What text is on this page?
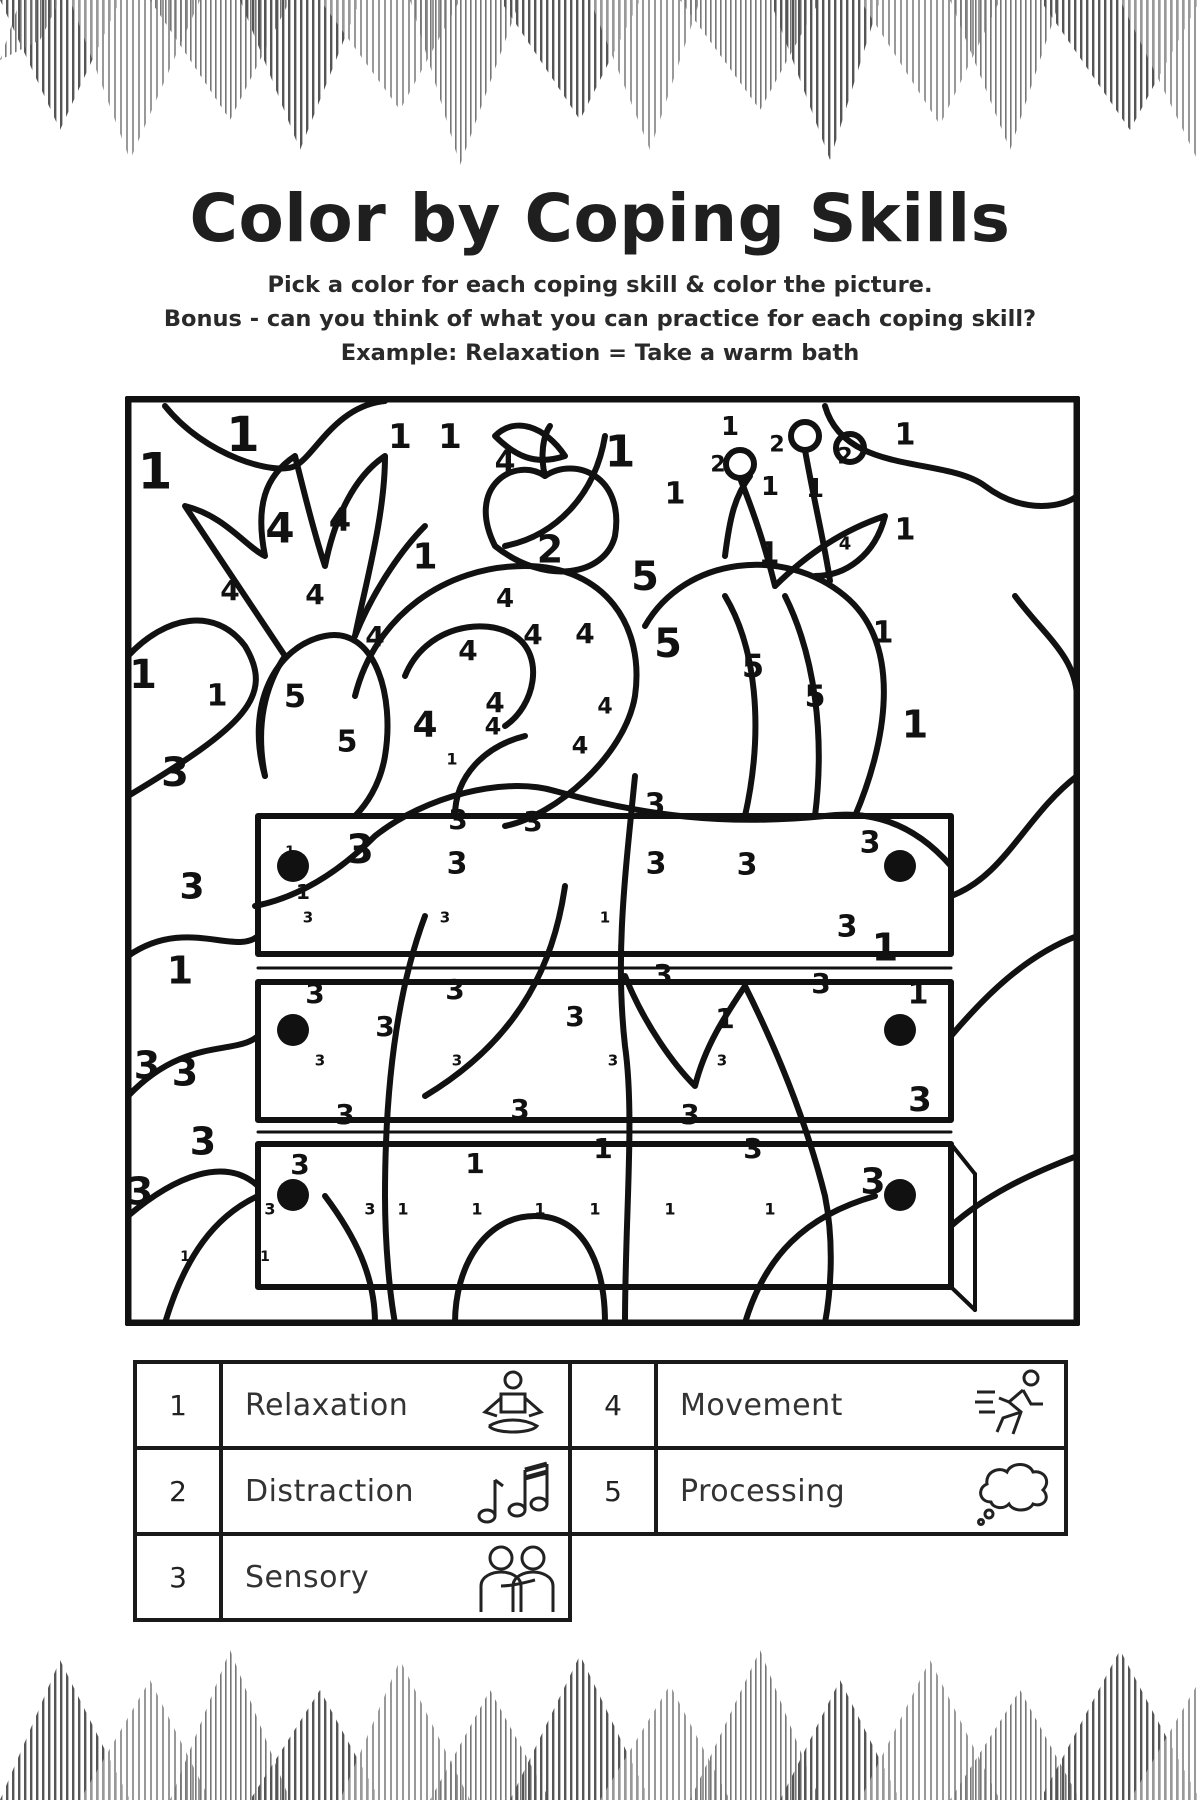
Color by Coping Skills
Pick a color for each coping skill & color the picture.
Bonus - can you think of what you can practice for each coping skill?
Example: Relaxation = Take a warm bath
1
1
1 1
4 1	1
2 2
2
1	1 1
1
4 4
4 4
1	2	1
5
4
1
4
4 4
4	4
4
5 5
5
1 1 5
5 4	4
4
4
1
1
1
3
3
3
3 3	3
3 3	3 3
1
3
3	3	1
1
3	3	3	3
3	3	1
1
1
3 3	3	3	3	3
3	3	3
3	1	1	3
3
3
3	3
3	3 1	1	1	1	1	1
1
1
1
1	1
1	6
6	6
1	Relaxation
2	Distraction
3	Sensory
4	Movement
5	Processing
